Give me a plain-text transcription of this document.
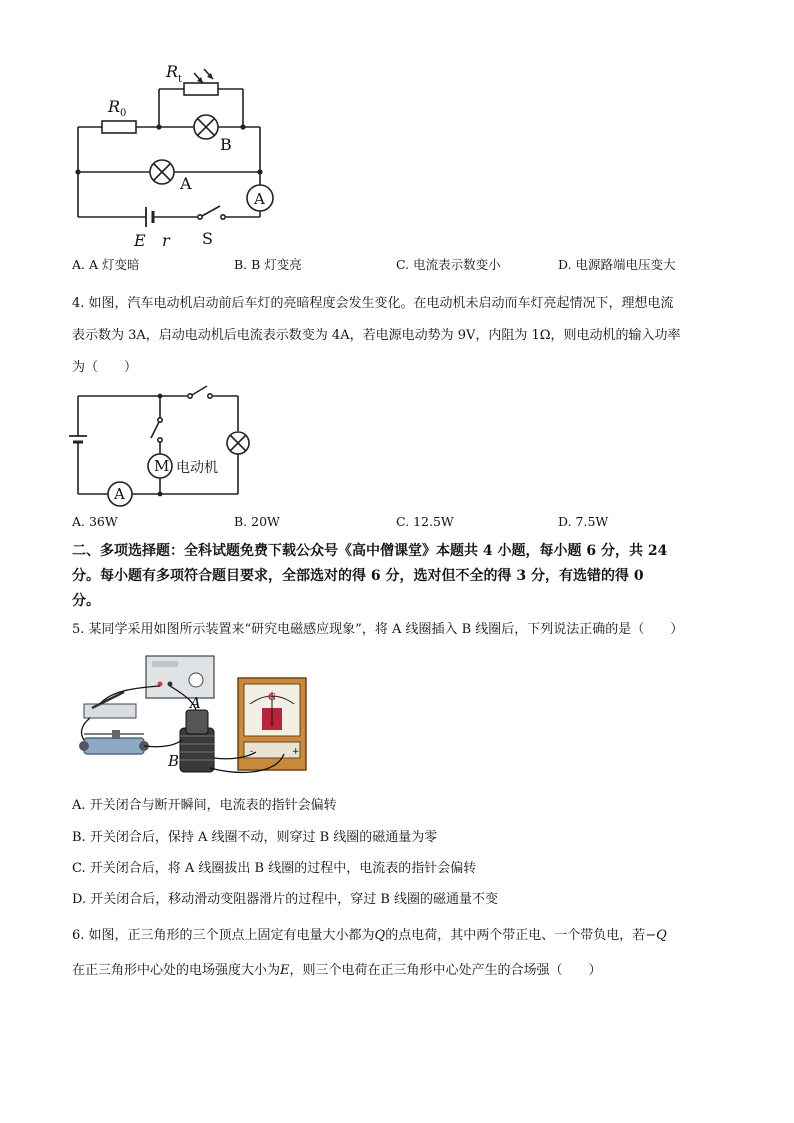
R 0
R t
B
A
A
E r S
A. A 灯变暗	B. B 灯变亮	C. 电流表示数变小	D. 电源路端电压变大
4. 如图，汽车电动机启动前后车灯的亮暗程度会发生变化。在电动机未启动而车灯亮起情况下，理想电流
表示数为 3A，启动电动机后电流表示数变为 4A，若电源电动势为 9V，内阻为 1Ω，则电动机的输入功率
为（　　）
M
A
电动机
A. 36W	B. 20W	C. 12.5W	D. 7.5W
二、多项选择题：全科试题免费下载公众号《高中僧课堂》本题共 4 小题，每小题 6 分，共 24
分。每小题有多项符合题目要求，全部选对的得 6 分，选对但不全的得 3 分，有选错的得 0
分。
5. 某同学采用如图所示装置来“研究电磁感应现象”，将 A 线圈插入 B 线圈后，下列说法正确的是（　　）
A
B
G
-	+
A. 开关闭合与断开瞬间，电流表的指针会偏转
B. 开关闭合后，保持 A 线圈不动，则穿过 B 线圈的磁通量为零
C. 开关闭合后，将 A 线圈拔出 B 线圈的过程中，电流表的指针会偏转
D. 开关闭合后，移动滑动变阻器滑片的过程中，穿过 B 线圈的磁通量不变
6. 如图，正三角形的三个顶点上固定有电量大小都为Q的点电荷，其中两个带正电、一个带负电，若−Q
在正三角形中心处的电场强度大小为E，则三个电荷在正三角形中心处产生的合场强（　　）
